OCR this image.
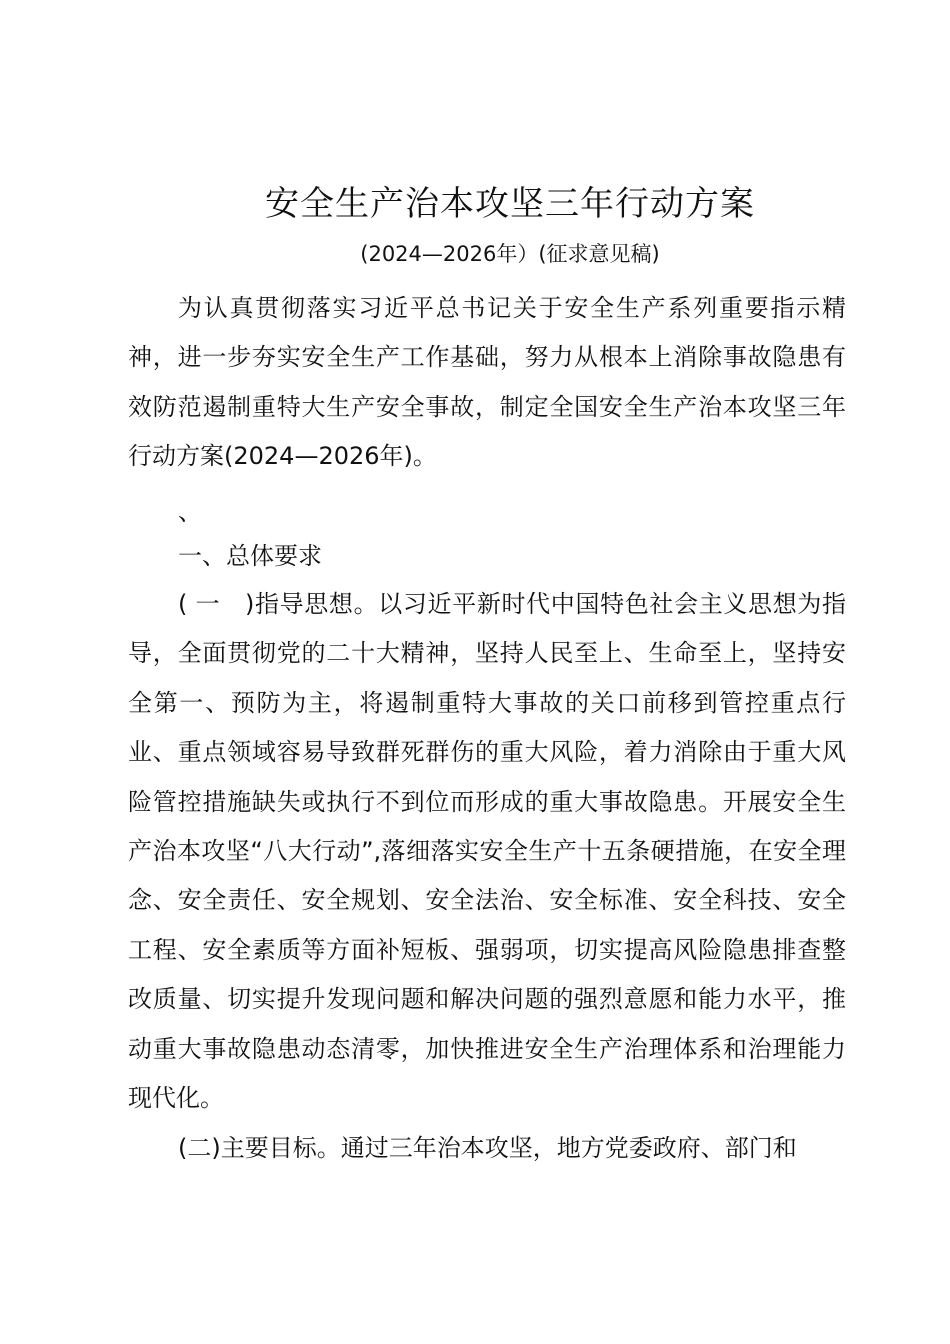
安全生产治本攻坚三年行动方案
(2024—2026年）(征求意见稿)
为认真贯彻落实习近平总书记关于安全生产系列重要指示精神，进一步夯实安全生产工作基础，努力从根本上消除事故隐患有效防范遏制重特大生产安全事故，制定全国安全生产治本攻坚三年行动方案(2024—2026年)。
、
一、总体要求
( 一　)指导思想。以习近平新时代中国特色社会主义思想为指导，全面贯彻党的二十大精神，坚持人民至上、生命至上，坚持安全第一、预防为主，将遏制重特大事故的关口前移到管控重点行业、重点领域容易导致群死群伤的重大风险，着力消除由于重大风险管控措施缺失或执行不到位而形成的重大事故隐患。开展安全生产治本攻坚“八大行动”,落细落实安全生产十五条硬措施，在安全理念、安全责任、安全规划、安全法治、安全标准、安全科技、安全工程、安全素质等方面补短板、强弱项，切实提高风险隐患排查整改质量、切实提升发现问题和解决问题的强烈意愿和能力水平，推动重大事故隐患动态清零，加快推进安全生产治理体系和治理能力现代化。
(二)主要目标。通过三年治本攻坚，地方党委政府、部门和
